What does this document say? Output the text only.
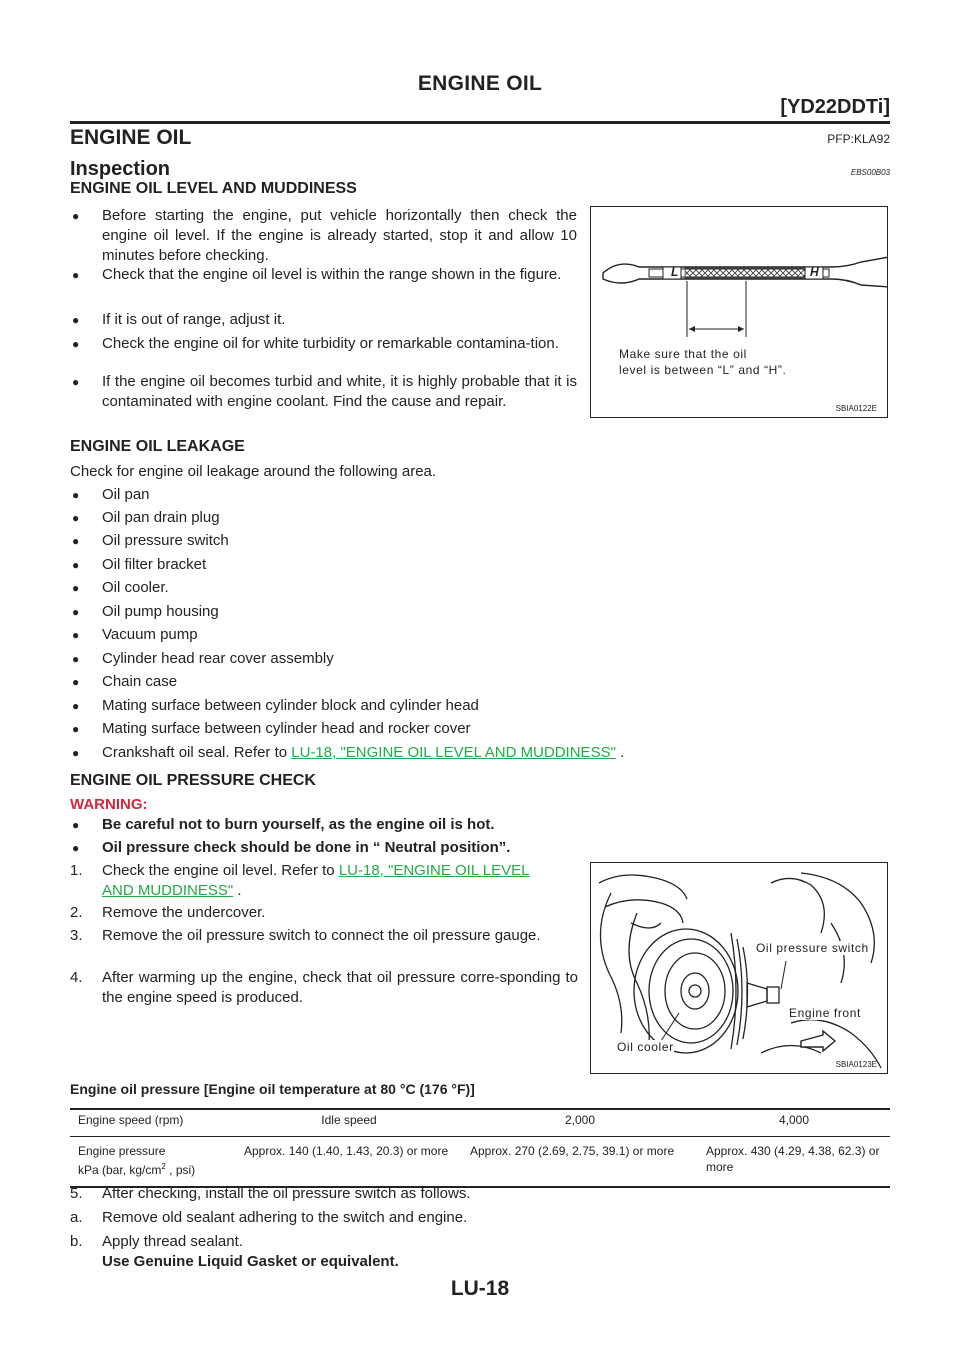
ENGINE OIL
[YD22DDTi]
ENGINE OIL	PFP:KLA92
Inspection	EBS00B03
ENGINE OIL LEVEL AND MUDDINESS
● Before starting the engine, put vehicle horizontally then check the engine oil level. If the engine is already started, stop it and allow 10 minutes before checking.
● Check that the engine oil level is within the range shown in the figure.
● If it is out of range, adjust it.
● Check the engine oil for white turbidity or remarkable contamina-tion.
● If the engine oil becomes turbid and white, it is highly probable that it is contaminated with engine coolant. Find the cause and repair.
L	H
Make sure that the oil
level is between “L” and “H”.
SBIA0122E
ENGINE OIL LEAKAGE
Check for engine oil leakage around the following area.
● Oil pan
● Oil pan drain plug
● Oil pressure switch
● Oil filter bracket
● Oil cooler.
● Oil pump housing
● Vacuum pump
● Cylinder head rear cover assembly
● Chain case
● Mating surface between cylinder block and cylinder head
● Mating surface between cylinder head and rocker cover
● Crankshaft oil seal. Refer to LU-18, "ENGINE OIL LEVEL AND MUDDINESS" .
ENGINE OIL PRESSURE CHECK
WARNING:
● Be careful not to burn yourself, as the engine oil is hot.
● Oil pressure check should be done in “ Neutral position”.
1. Check the engine oil level. Refer to LU-18, "ENGINE OIL LEVEL
AND MUDDINESS" .
2. Remove the undercover.
3. Remove the oil pressure switch to connect the oil pressure gauge.
4. After warming up the engine, check that oil pressure corre-sponding to the engine speed is produced.
Oil pressure switch
Engine front
Oil cooler
SBIA0123E
Engine oil pressure [Engine oil temperature at 80 °C (176 °F)]
Engine speed (rpm)	Idle speed	2,000	4,000
Engine pressure
kPa (bar, $kg/cm^2$ , psi)	Approx. 140 (1.40, 1.43, 20.3) or more	Approx. 270 (2.69, 2.75, 39.1) or more	Approx. 430 (4.29, 4.38, 62.3) or more
5. After checking, install the oil pressure switch as follows.
a. Remove old sealant adhering to the switch and engine.
b. Apply thread sealant.
Use Genuine Liquid Gasket or equivalent.
LU-18
